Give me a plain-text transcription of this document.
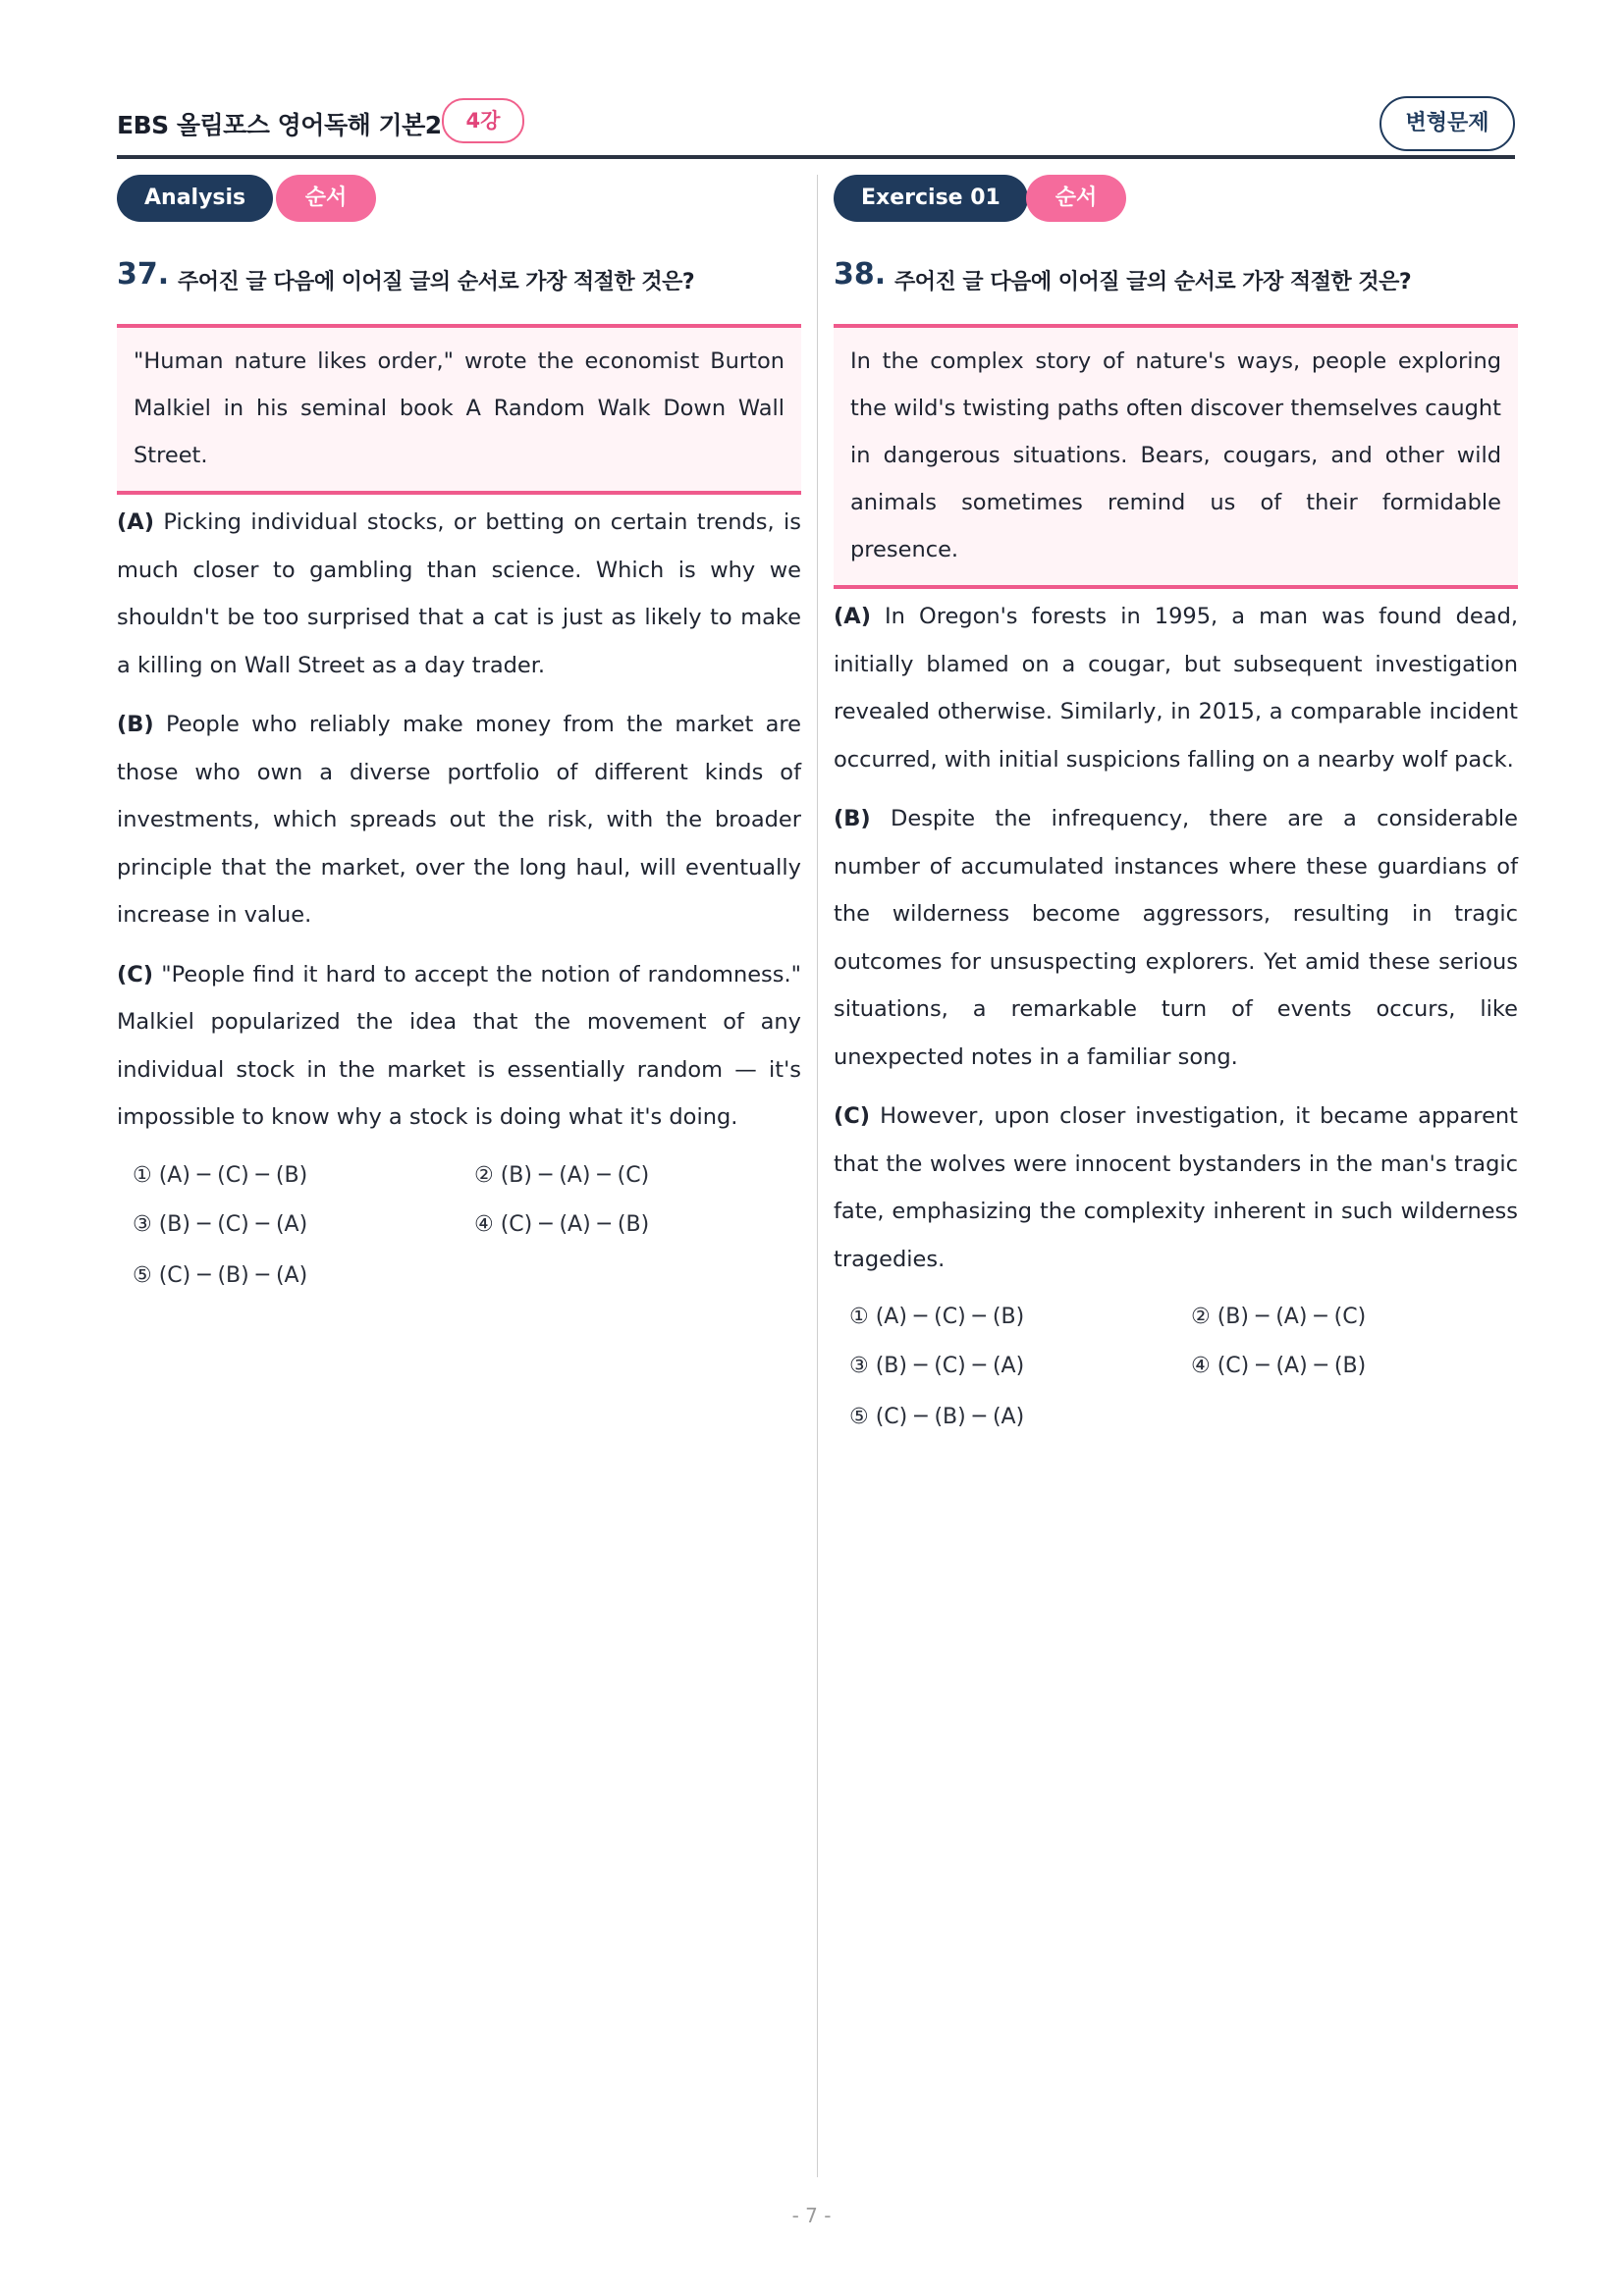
EBS 올림포스 영어독해 기본2	4강	변형문제
Analysis	순서
37. 주어진 글 다음에 이어질 글의 순서로 가장 적절한 것은?

"Human nature likes order," wrote the economist Burton Malkiel in his seminal book A Random Walk Down Wall Street.

(A) Picking individual stocks, or betting on certain trends, is much closer to gambling than science. Which is why we shouldn't be too surprised that a cat is just as likely to make a killing on Wall Street as a day trader.

(B) People who reliably make money from the market are those who own a diverse portfolio of different kinds of investments, which spreads out the risk, with the broader principle that the market, over the long haul, will eventually increase in value.

(C) "People find it hard to accept the notion of randomness." Malkiel popularized the idea that the movement of any individual stock in the market is essentially random — it's impossible to know why a stock is doing what it's doing.

① (A) ─ (C) ─ (B)	② (B) ─ (A) ─ (C)
③ (B) ─ (C) ─ (A)	④ (C) ─ (A) ─ (B)
⑤ (C) ─ (B) ─ (A)
Exercise 01	순서
38. 주어진 글 다음에 이어질 글의 순서로 가장 적절한 것은?

In the complex story of nature's ways, people exploring the wild's twisting paths often discover themselves caught in dangerous situations. Bears, cougars, and other wild animals sometimes remind us of their formidable presence.

(A) In Oregon's forests in 1995, a man was found dead, initially blamed on a cougar, but subsequent investigation revealed otherwise. Similarly, in 2015, a comparable incident occurred, with initial suspicions falling on a nearby wolf pack.

(B) Despite the infrequency, there are a considerable number of accumulated instances where these guardians of the wilderness become aggressors, resulting in tragic outcomes for unsuspecting explorers. Yet amid these serious situations, a remarkable turn of events occurs, like unexpected notes in a familiar song.

(C) However, upon closer investigation, it became apparent that the wolves were innocent bystanders in the man's tragic fate, emphasizing the complexity inherent in such wilderness tragedies.

① (A) ─ (C) ─ (B)	② (B) ─ (A) ─ (C)
③ (B) ─ (C) ─ (A)	④ (C) ─ (A) ─ (B)
⑤ (C) ─ (B) ─ (A)
- 7 -
